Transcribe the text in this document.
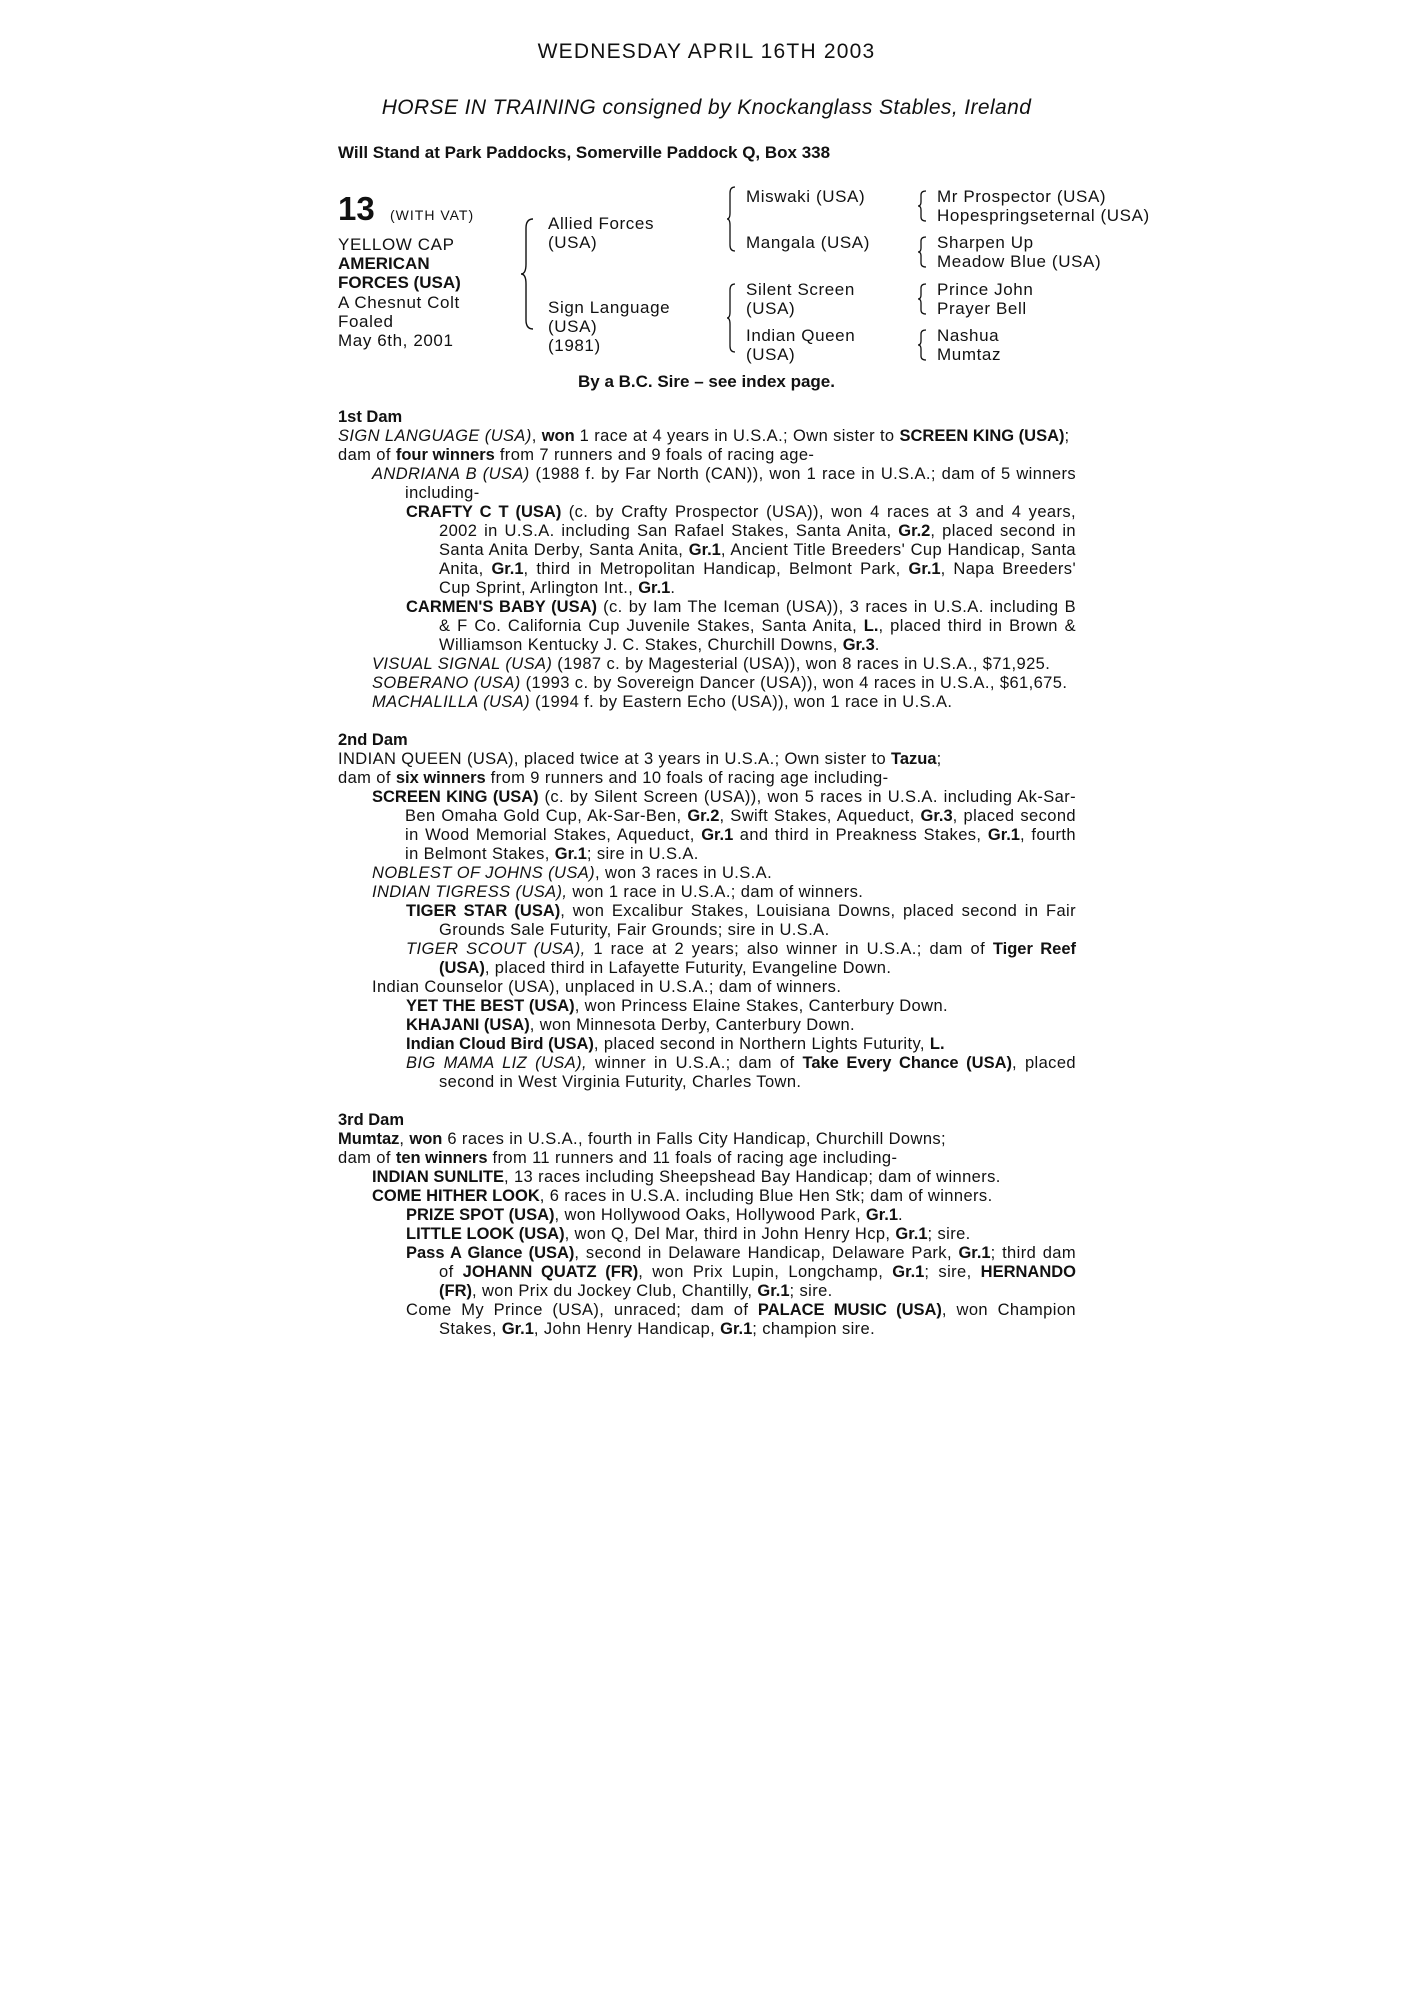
WEDNESDAY APRIL 16TH 2003
HORSE IN TRAINING consigned by Knockanglass Stables, Ireland
Will Stand at Park Paddocks, Somerville Paddock Q, Box 338
13 (WITH VAT)
YELLOW CAP
AMERICAN
FORCES (USA)
A Chesnut Colt
Foaled
May 6th, 2001
Allied Forces
(USA)
Sign Language
(USA)
(1981)
Miswaki (USA)
Mangala (USA)
Silent Screen
(USA)
Indian Queen
(USA)
Mr Prospector (USA)
Hopespringseternal (USA)
Sharpen Up
Meadow Blue (USA)
Prince John
Prayer Bell
Nashua
Mumtaz
By a B.C. Sire – see index page.
1st Dam
SIGN LANGUAGE (USA), won 1 race at 4 years in U.S.A.; Own sister to SCREEN KING (USA);
dam of four winners from 7 runners and 9 foals of racing age-
ANDRIANA B (USA) (1988 f. by Far North (CAN)), won 1 race in U.S.A.; dam of 5 winners including-
CRAFTY C T (USA) (c. by Crafty Prospector (USA)), won 4 races at 3 and 4 years, 2002 in U.S.A. including San Rafael Stakes, Santa Anita, Gr.2, placed second in Santa Anita Derby, Santa Anita, Gr.1, Ancient Title Breeders' Cup Handicap, Santa Anita, Gr.1, third in Metropolitan Handicap, Belmont Park, Gr.1, Napa Breeders' Cup Sprint, Arlington Int., Gr.1.
CARMEN'S BABY (USA) (c. by Iam The Iceman (USA)), 3 races in U.S.A. including B & F Co. California Cup Juvenile Stakes, Santa Anita, L., placed third in Brown & Williamson Kentucky J. C. Stakes, Churchill Downs, Gr.3.
VISUAL SIGNAL (USA) (1987 c. by Magesterial (USA)), won 8 races in U.S.A., $71,925.
SOBERANO (USA) (1993 c. by Sovereign Dancer (USA)), won 4 races in U.S.A., $61,675.
MACHALILLA (USA) (1994 f. by Eastern Echo (USA)), won 1 race in U.S.A.
2nd Dam
INDIAN QUEEN (USA), placed twice at 3 years in U.S.A.; Own sister to Tazua;
dam of six winners from 9 runners and 10 foals of racing age including-
SCREEN KING (USA) (c. by Silent Screen (USA)), won 5 races in U.S.A. including Ak-Sar-Ben Omaha Gold Cup, Ak-Sar-Ben, Gr.2, Swift Stakes, Aqueduct, Gr.3, placed second in Wood Memorial Stakes, Aqueduct, Gr.1 and third in Preakness Stakes, Gr.1, fourth in Belmont Stakes, Gr.1; sire in U.S.A.
NOBLEST OF JOHNS (USA), won 3 races in U.S.A.
INDIAN TIGRESS (USA), won 1 race in U.S.A.; dam of winners.
TIGER STAR (USA), won Excalibur Stakes, Louisiana Downs, placed second in Fair Grounds Sale Futurity, Fair Grounds; sire in U.S.A.
TIGER SCOUT (USA), 1 race at 2 years; also winner in U.S.A.; dam of Tiger Reef (USA), placed third in Lafayette Futurity, Evangeline Down.
Indian Counselor (USA), unplaced in U.S.A.; dam of winners.
YET THE BEST (USA), won Princess Elaine Stakes, Canterbury Down.
KHAJANI (USA), won Minnesota Derby, Canterbury Down.
Indian Cloud Bird (USA), placed second in Northern Lights Futurity, L.
BIG MAMA LIZ (USA), winner in U.S.A.; dam of Take Every Chance (USA), placed second in West Virginia Futurity, Charles Town.
3rd Dam
Mumtaz, won 6 races in U.S.A., fourth in Falls City Handicap, Churchill Downs;
dam of ten winners from 11 runners and 11 foals of racing age including-
INDIAN SUNLITE, 13 races including Sheepshead Bay Handicap; dam of winners.
COME HITHER LOOK, 6 races in U.S.A. including Blue Hen Stk; dam of winners.
PRIZE SPOT (USA), won Hollywood Oaks, Hollywood Park, Gr.1.
LITTLE LOOK (USA), won Q, Del Mar, third in John Henry Hcp, Gr.1; sire.
Pass A Glance (USA), second in Delaware Handicap, Delaware Park, Gr.1; third dam of JOHANN QUATZ (FR), won Prix Lupin, Longchamp, Gr.1; sire, HERNANDO (FR), won Prix du Jockey Club, Chantilly, Gr.1; sire.
Come My Prince (USA), unraced; dam of PALACE MUSIC (USA), won Champion Stakes, Gr.1, John Henry Handicap, Gr.1; champion sire.
